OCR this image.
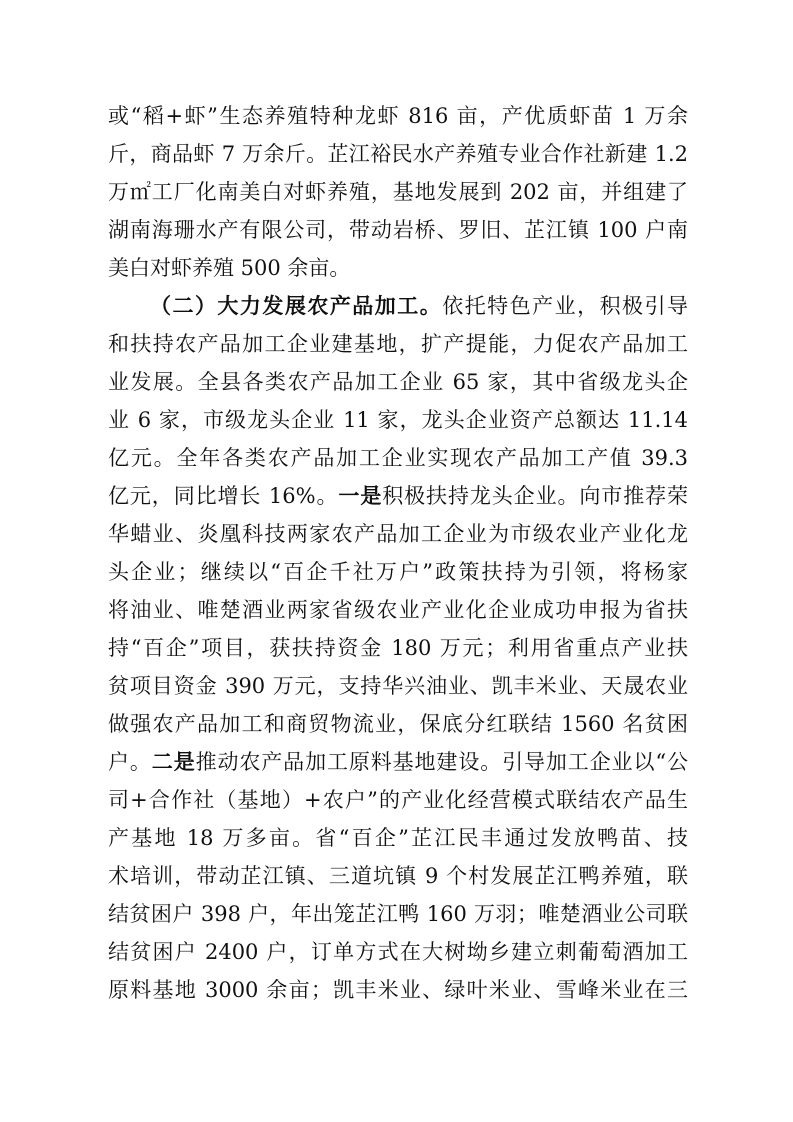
或“稻+虾”生态养殖特种龙虾 816 亩，产优质虾苗 1 万余
斤，商品虾 7 万余斤。芷江裕民水产养殖专业合作社新建 1.2
万㎡工厂化南美白对虾养殖，基地发展到 202 亩，并组建了
湖南海珊水产有限公司，带动岩桥、罗旧、芷江镇 100 户南
美白对虾养殖 500 余亩。
（二）大力发展农产品加工。依托特色产业，积极引导
和扶持农产品加工企业建基地，扩产提能，力促农产品加工
业发展。全县各类农产品加工企业 65 家，其中省级龙头企
业 6 家，市级龙头企业 11 家，龙头企业资产总额达 11.14
亿元。全年各类农产品加工企业实现农产品加工产值 39.3
亿元，同比增长 16%。一是积极扶持龙头企业。向市推荐荣
华蜡业、炎凰科技两家农产品加工企业为市级农业产业化龙
头企业；继续以“百企千社万户”政策扶持为引领，将杨家
将油业、唯楚酒业两家省级农业产业化企业成功申报为省扶
持“百企”项目，获扶持资金 180 万元；利用省重点产业扶
贫项目资金 390 万元，支持华兴油业、凯丰米业、天晟农业
做强农产品加工和商贸物流业，保底分红联结 1560 名贫困
户。二是推动农产品加工原料基地建设。引导加工企业以“公
司+合作社（基地）+农户”的产业化经营模式联结农产品生
产基地 18 万多亩。省“百企”芷江民丰通过发放鸭苗、技
术培训，带动芷江镇、三道坑镇 9 个村发展芷江鸭养殖，联
结贫困户 398 户，年出笼芷江鸭 160 万羽；唯楚酒业公司联
结贫困户 2400 户，订单方式在大树坳乡建立刺葡萄酒加工
原料基地 3000 余亩；凯丰米业、绿叶米业、雪峰米业在三
